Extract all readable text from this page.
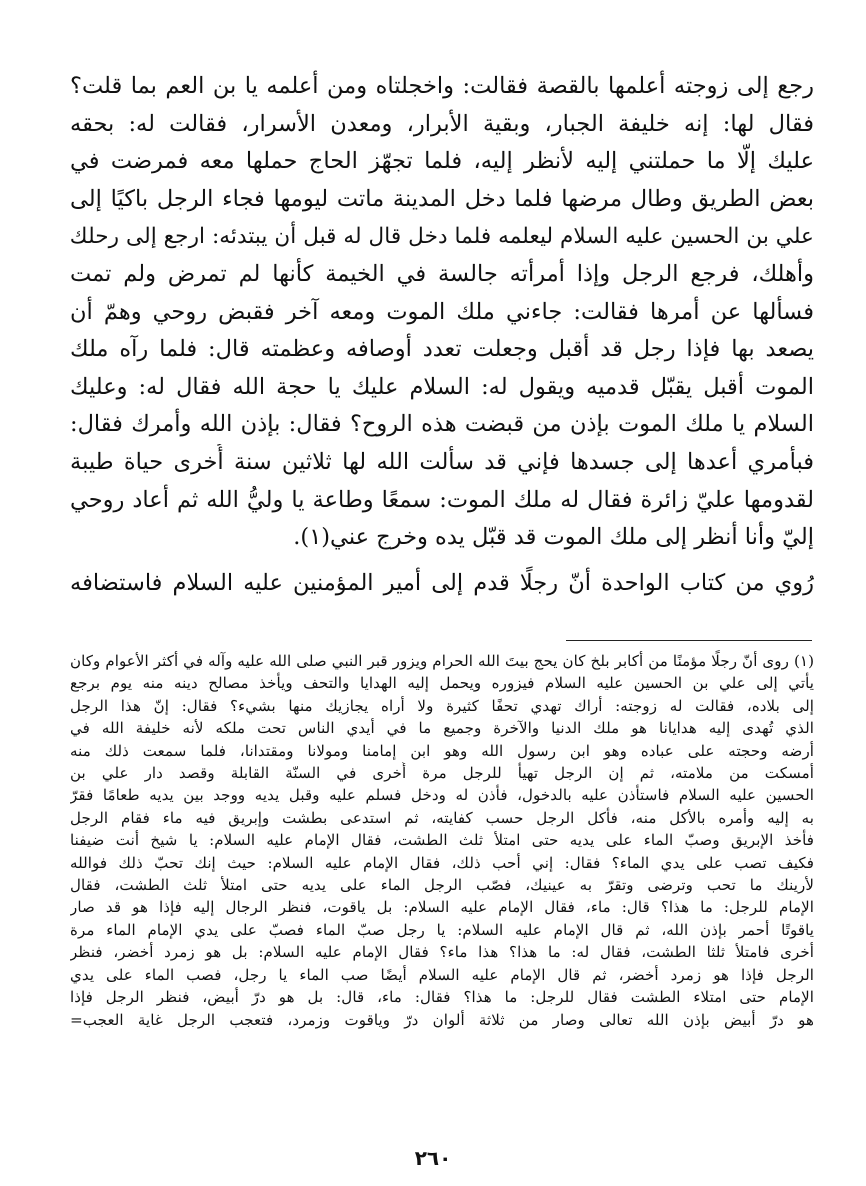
رجع إلى زوجته أعلمها بالقصة فقالت: واخجلتاه ومن أعلمه يا بن العم بما قلت؟
فقال لها: إنه خليفة الجبار، وبقية الأبرار، ومعدن الأسرار، فقالت له: بحقه
عليك إلّا ما حملتني إليه لأنظر إليه، فلما تجهّز الحاج حملها معه فمرضت في
بعض الطريق وطال مرضها فلما دخل المدينة ماتت ليومها فجاء الرجل باكيًا إلى
علي بن الحسين عليه السلام ليعلمه فلما دخل قال له قبل أن يبتدئه: ارجع إلى رحلك
وأهلك، فرجع الرجل وإذا أمرأته جالسة في الخيمة كأنها لم تمرض ولم تمت
فسألها عن أمرها فقالت: جاءني ملك الموت ومعه آخر فقبض روحي وهمّ أن
يصعد بها فإذا رجل قد أقبل وجعلت تعدد أوصافه وعظمته قال: فلما رآه ملك
الموت أقبل يقبّل قدميه ويقول له: السلام عليك يا حجة الله فقال له: وعليك
السلام يا ملك الموت بإذن من قبضت هذه الروح؟ فقال: بإذن الله وأمرك فقال:
فبأمري أعدها إلى جسدها فإني قد سألت الله لها ثلاثين سنة أُخرى حياة طيبة
لقدومها عليّ زائرة فقال له ملك الموت: سمعًا وطاعة يا وليُّ الله ثم أعاد روحي
إليّ وأنا أنظر إلى ملك الموت قد قبّل يده وخرج عني(١).
رُوي من كتاب الواحدة أنّ رجلًا قدم إلى أمير المؤمنين عليه السلام فاستضافه
(١) روى أنّ رجلًا مؤمنًا من أكابر بلخ كان يحج بيتَ الله الحرام ويزور قبر النبي صلى الله عليه وآله في أكثر الأعوام وكان
يأتي إلى علي بن الحسين عليه السلام فيزوره ويحمل إليه الهدايا والتحف ويأخذ مصالح دينه منه يوم برجع
إلى بلاده، فقالت له زوجته: أراك تهدي تحفًا كثيرة ولا أراه يجازيك منها بشيء؟ فقال: إنّ هذا الرجل
الذي تُهدى إليه هدايانا هو ملك الدنيا والآخرة وجميع ما في أيدي الناس تحت ملكه لأنه خليفة الله في
أرضه وحجته على عباده وهو ابن رسول الله وهو ابن إمامنا ومولانا ومقتدانا، فلما سمعت ذلك منه
أمسكت من ملامته، ثم إن الرجل تهيأ للرجل مرة أُخرى في السنّة القابلة وقصد دار علي بن
الحسين عليه السلام فاستأذن عليه بالدخول، فأذن له ودخل فسلم عليه وقبل يديه ووجد بين يديه طعامًا فقرّ
به إليه وأمره بالأكل منه، فأكل الرجل حسب كفايته، ثم استدعى بطشت وإبريق فيه ماء فقام الرجل
فأخذ الإبريق وصبّ الماء على يديه حتى امتلأ ثلث الطشت، فقال الإمام عليه السلام: يا شيخ أنت ضيفنا
فكيف تصب على يدي الماء؟ فقال: إني أحب ذلك، فقال الإمام عليه السلام: حيث إنك تحبّ ذلك فوالله
لأرينك ما تحب وترضى وتقرّ به عينيك، فصّب الرجل الماء على يديه حتى امتلأ ثلث الطشت، فقال
الإمام للرجل: ما هذا؟ قال: ماء، فقال الإمام عليه السلام: بل ياقوت، فنظر الرجال إليه فإذا هو قد صار
ياقوتًا أحمر بإذن الله، ثم قال الإمام عليه السلام: يا رجل صبّ الماء فصبّ على يدي الإمام الماء مرة
أخرى فامتلأ ثلثا الطشت، فقال له: ما هذا؟ هذا ماء؟ فقال الإمام عليه السلام: بل هو زمرد أخضر، فنظر
الرجل فإذا هو زمرد أخضر، ثم قال الإمام عليه السلام أيضًا صب الماء يا رجل، فصب الماء على يدي
الإمام حتى امتلاء الطشت فقال للرجل: ما هذا؟ فقال: ماء، قال: بل هو درّ أبيض، فنظر الرجل فإذا
هو درّ أبيض بإذن الله تعالى وصار من ثلاثة ألوان درّ وياقوت وزمرد، فتعجب الرجل غاية العجب=
٢٦٠
